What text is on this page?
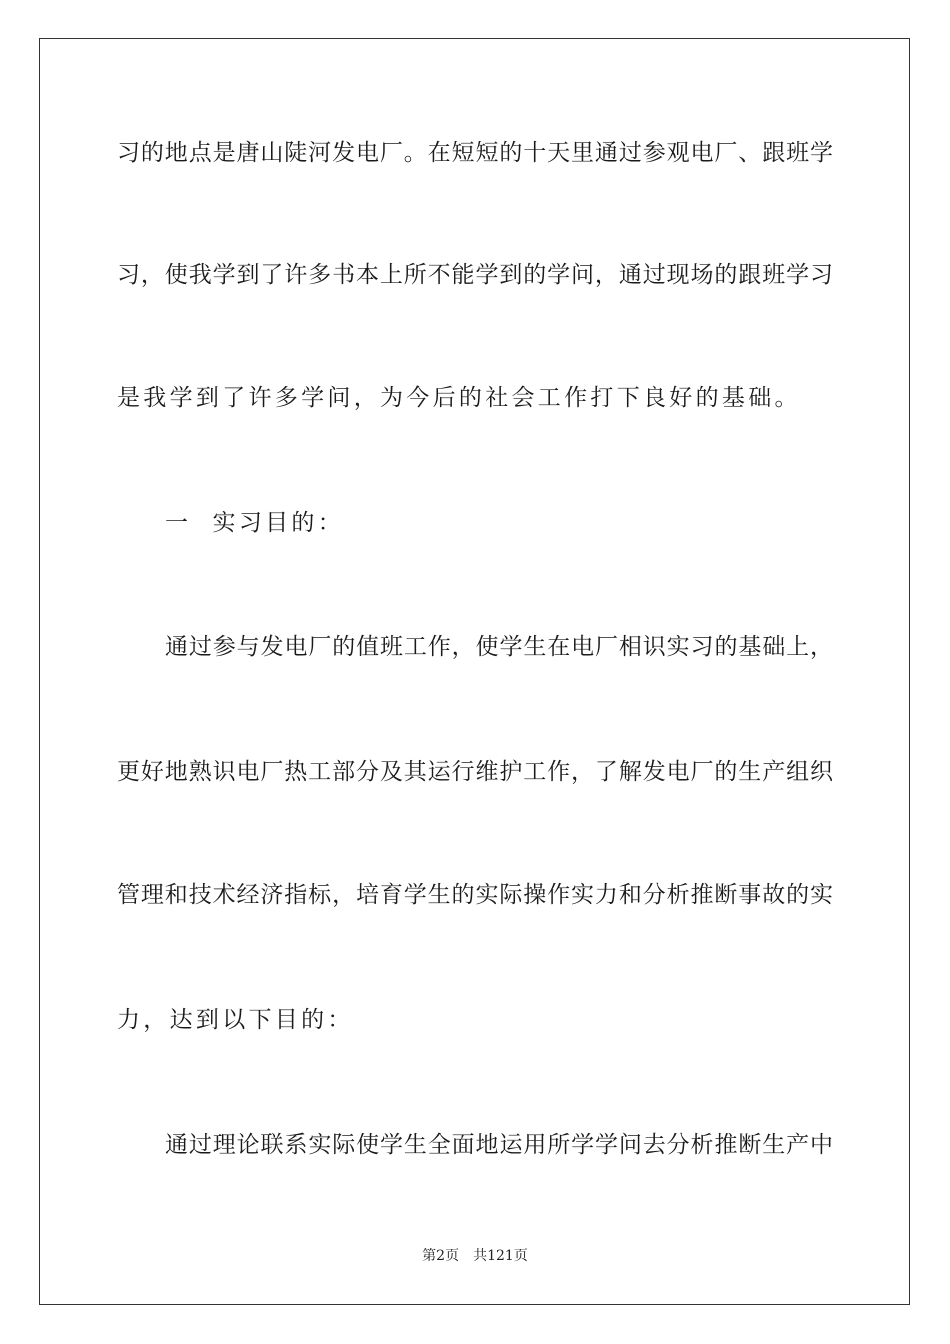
习的地点是唐山陡河发电厂。在短短的十天里通过参观电厂、跟班学
习，使我学到了许多书本上所不能学到的学问，通过现场的跟班学习
是我学到了许多学问，为今后的社会工作打下良好的基础。
一  实习目的：
通过参与发电厂的值班工作，使学生在电厂相识实习的基础上，
更好地熟识电厂热工部分及其运行维护工作，了解发电厂的生产组织
管理和技术经济指标，培育学生的实际操作实力和分析推断事故的实
力，达到以下目的：
通过理论联系实际使学生全面地运用所学学问去分析推断生产中
第2页 共121页
